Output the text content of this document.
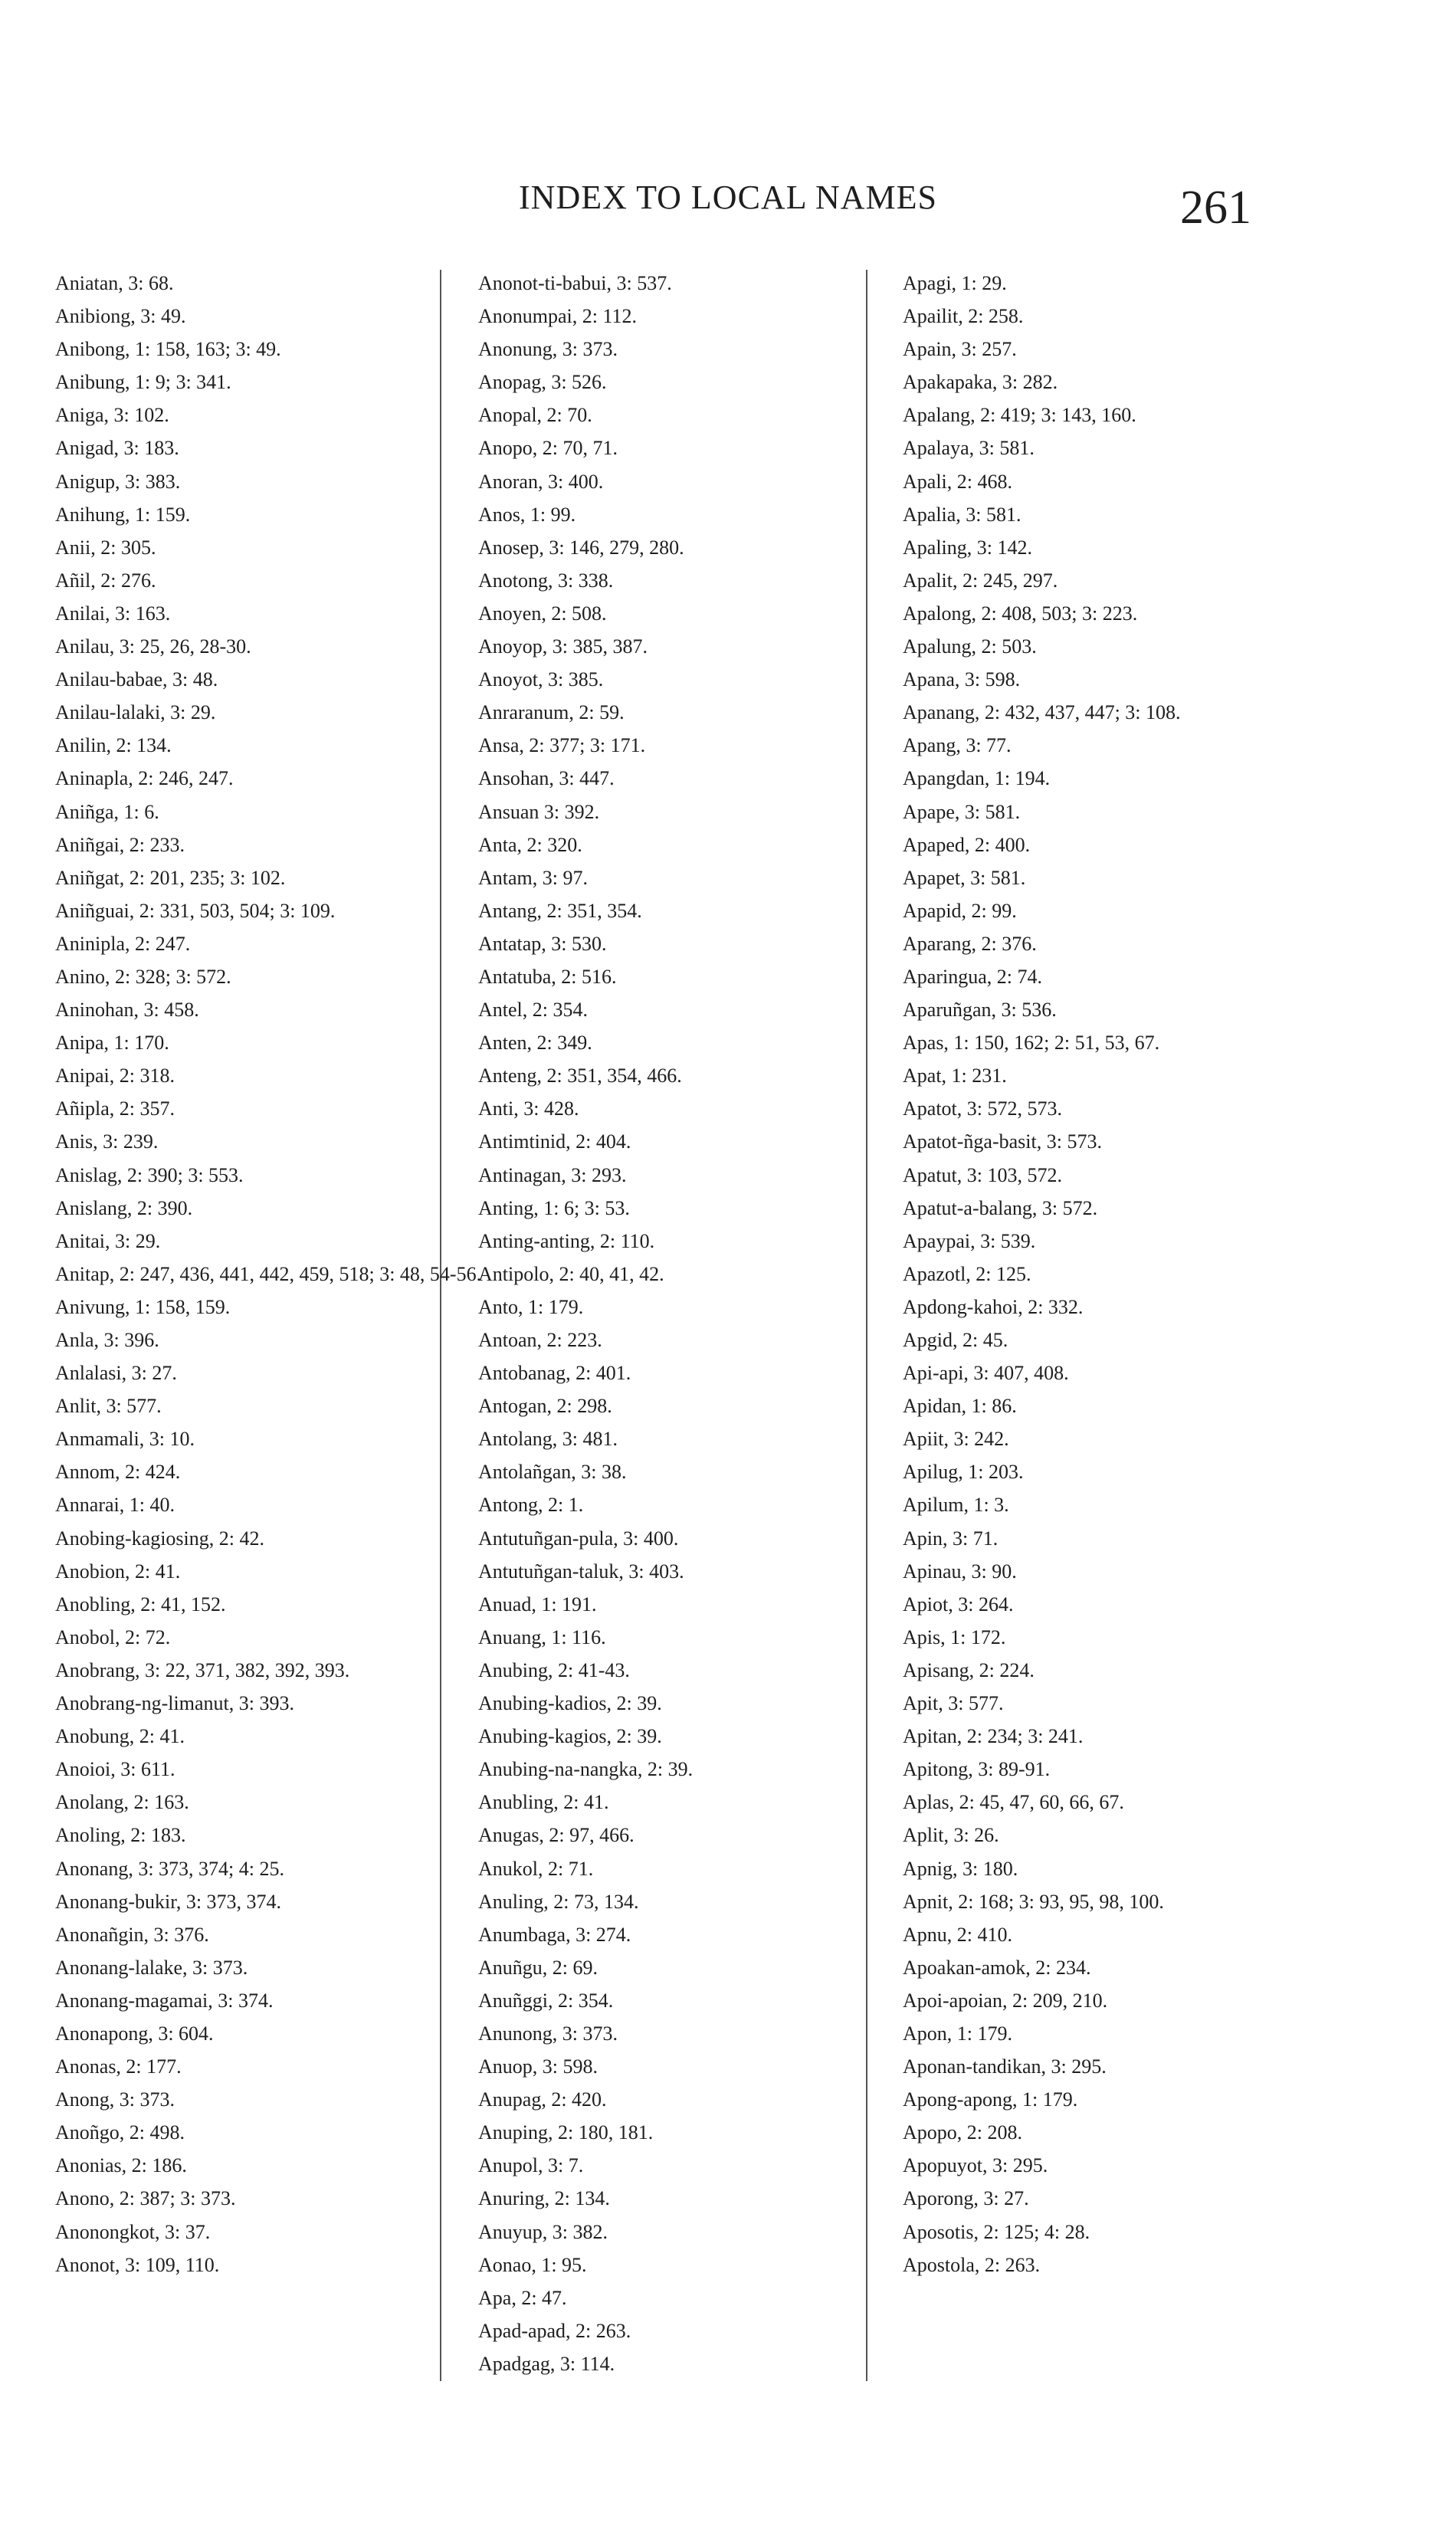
INDEX TO LOCAL NAMES	261
Aniatan, 3: 68.
Anibiong, 3: 49.
Anibong, 1: 158, 163; 3: 49.
Anibung, 1: 9; 3: 341.
Aniga, 3: 102.
Anigad, 3: 183.
Anigup, 3: 383.
Anihung, 1: 159.
Anii, 2: 305.
Añil, 2: 276.
Anilai, 3: 163.
Anilau, 3: 25, 26, 28-30.
Anilau-babae, 3: 48.
Anilau-lalaki, 3: 29.
Anilin, 2: 134.
Aninapla, 2: 246, 247.
Aniñga, 1: 6.
Aniñgai, 2: 233.
Aniñgat, 2: 201, 235; 3: 102.
Aniñguai, 2: 331, 503, 504; 3: 109.
Aninipla, 2: 247.
Anino, 2: 328; 3: 572.
Aninohan, 3: 458.
Anipa, 1: 170.
Anipai, 2: 318.
Añipla, 2: 357.
Anis, 3: 239.
Anislag, 2: 390; 3: 553.
Anislang, 2: 390.
Anitai, 3: 29.
Anitap, 2: 247, 436, 441, 442, 459, 518; 3: 48, 54-56.
Anivung, 1: 158, 159.
Anla, 3: 396.
Anlalasi, 3: 27.
Anlit, 3: 577.
Anmamali, 3: 10.
Annom, 2: 424.
Annarai, 1: 40.
Anobing-kagiosing, 2: 42.
Anobion, 2: 41.
Anobling, 2: 41, 152.
Anobol, 2: 72.
Anobrang, 3: 22, 371, 382, 392, 393.
Anobrang-ng-limanut, 3: 393.
Anobung, 2: 41.
Anoioi, 3: 611.
Anolang, 2: 163.
Anoling, 2: 183.
Anonang, 3: 373, 374; 4: 25.
Anonang-bukir, 3: 373, 374.
Anonañgin, 3: 376.
Anonang-lalake, 3: 373.
Anonang-magamai, 3: 374.
Anonapong, 3: 604.
Anonas, 2: 177.
Anong, 3: 373.
Anoñgo, 2: 498.
Anonias, 2: 186.
Anono, 2: 387; 3: 373.
Anonongkot, 3: 37.
Anonot, 3: 109, 110.
Anonot-ti-babui, 3: 537.
Anonumpai, 2: 112.
Anonung, 3: 373.
Anopag, 3: 526.
Anopal, 2: 70.
Anopo, 2: 70, 71.
Anoran, 3: 400.
Anos, 1: 99.
Anosep, 3: 146, 279, 280.
Anotong, 3: 338.
Anoyen, 2: 508.
Anoyop, 3: 385, 387.
Anoyot, 3: 385.
Anraranum, 2: 59.
Ansa, 2: 377; 3: 171.
Ansohan, 3: 447.
Ansuan 3: 392.
Anta, 2: 320.
Antam, 3: 97.
Antang, 2: 351, 354.
Antatap, 3: 530.
Antatuba, 2: 516.
Antel, 2: 354.
Anten, 2: 349.
Anteng, 2: 351, 354, 466.
Anti, 3: 428.
Antimtinid, 2: 404.
Antinagan, 3: 293.
Anting, 1: 6; 3: 53.
Anting-anting, 2: 110.
Antipolo, 2: 40, 41, 42.
Anto, 1: 179.
Antoan, 2: 223.
Antobanag, 2: 401.
Antogan, 2: 298.
Antolang, 3: 481.
Antolañgan, 3: 38.
Antong, 2: 1.
Antutuñgan-pula, 3: 400.
Antutuñgan-taluk, 3: 403.
Anuad, 1: 191.
Anuang, 1: 116.
Anubing, 2: 41-43.
Anubing-kadios, 2: 39.
Anubing-kagios, 2: 39.
Anubing-na-nangka, 2: 39.
Anubling, 2: 41.
Anugas, 2: 97, 466.
Anukol, 2: 71.
Anuling, 2: 73, 134.
Anumbaga, 3: 274.
Anuñgu, 2: 69.
Anuñggi, 2: 354.
Anunong, 3: 373.
Anuop, 3: 598.
Anupag, 2: 420.
Anuping, 2: 180, 181.
Anupol, 3: 7.
Anuring, 2: 134.
Anuyup, 3: 382.
Aonao, 1: 95.
Apa, 2: 47.
Apad-apad, 2: 263.
Apadgag, 3: 114.
Apagi, 1: 29.
Apailit, 2: 258.
Apain, 3: 257.
Apakapaka, 3: 282.
Apalang, 2: 419; 3: 143, 160.
Apalaya, 3: 581.
Apali, 2: 468.
Apalia, 3: 581.
Apaling, 3: 142.
Apalit, 2: 245, 297.
Apalong, 2: 408, 503; 3: 223.
Apalung, 2: 503.
Apana, 3: 598.
Apanang, 2: 432, 437, 447; 3: 108.
Apang, 3: 77.
Apangdan, 1: 194.
Apape, 3: 581.
Apaped, 2: 400.
Apapet, 3: 581.
Apapid, 2: 99.
Aparang, 2: 376.
Aparingua, 2: 74.
Aparuñgan, 3: 536.
Apas, 1: 150, 162; 2: 51, 53, 67.
Apat, 1: 231.
Apatot, 3: 572, 573.
Apatot-ñga-basit, 3: 573.
Apatut, 3: 103, 572.
Apatut-a-balang, 3: 572.
Apaypai, 3: 539.
Apazotl, 2: 125.
Apdong-kahoi, 2: 332.
Apgid, 2: 45.
Api-api, 3: 407, 408.
Apidan, 1: 86.
Apiit, 3: 242.
Apilug, 1: 203.
Apilum, 1: 3.
Apin, 3: 71.
Apinau, 3: 90.
Apiot, 3: 264.
Apis, 1: 172.
Apisang, 2: 224.
Apit, 3: 577.
Apitan, 2: 234; 3: 241.
Apitong, 3: 89-91.
Aplas, 2: 45, 47, 60, 66, 67.
Aplit, 3: 26.
Apnig, 3: 180.
Apnit, 2: 168; 3: 93, 95, 98, 100.
Apnu, 2: 410.
Apoakan-amok, 2: 234.
Apoi-apoian, 2: 209, 210.
Apon, 1: 179.
Aponan-tandikan, 3: 295.
Apong-apong, 1: 179.
Apopo, 2: 208.
Apopuyot, 3: 295.
Aporong, 3: 27.
Aposotis, 2: 125; 4: 28.
Apostola, 2: 263.
